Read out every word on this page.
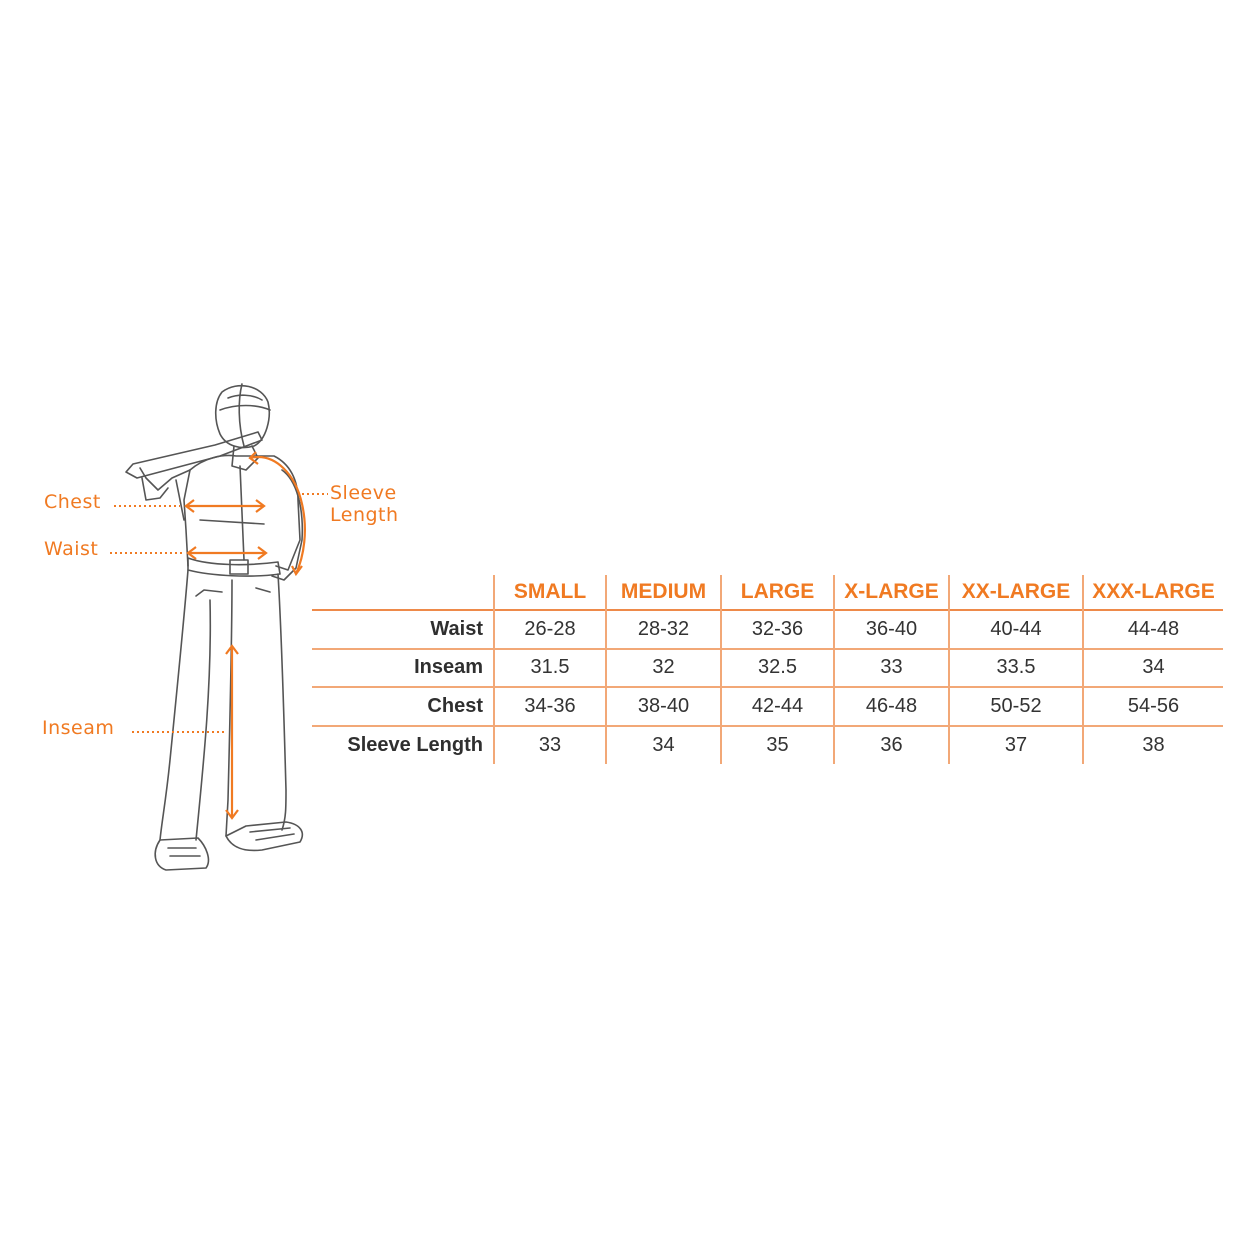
Chest
Waist
Inseam
Sleeve
Length
	SMALL	MEDIUM	LARGE	X-LARGE	XX-LARGE	XXX-LARGE
Waist	26-28	28-32	32-36	36-40	40-44	44-48
Inseam	31.5	32	32.5	33	33.5	34
Chest	34-36	38-40	42-44	46-48	50-52	54-56
Sleeve Length	33	34	35	36	37	38
